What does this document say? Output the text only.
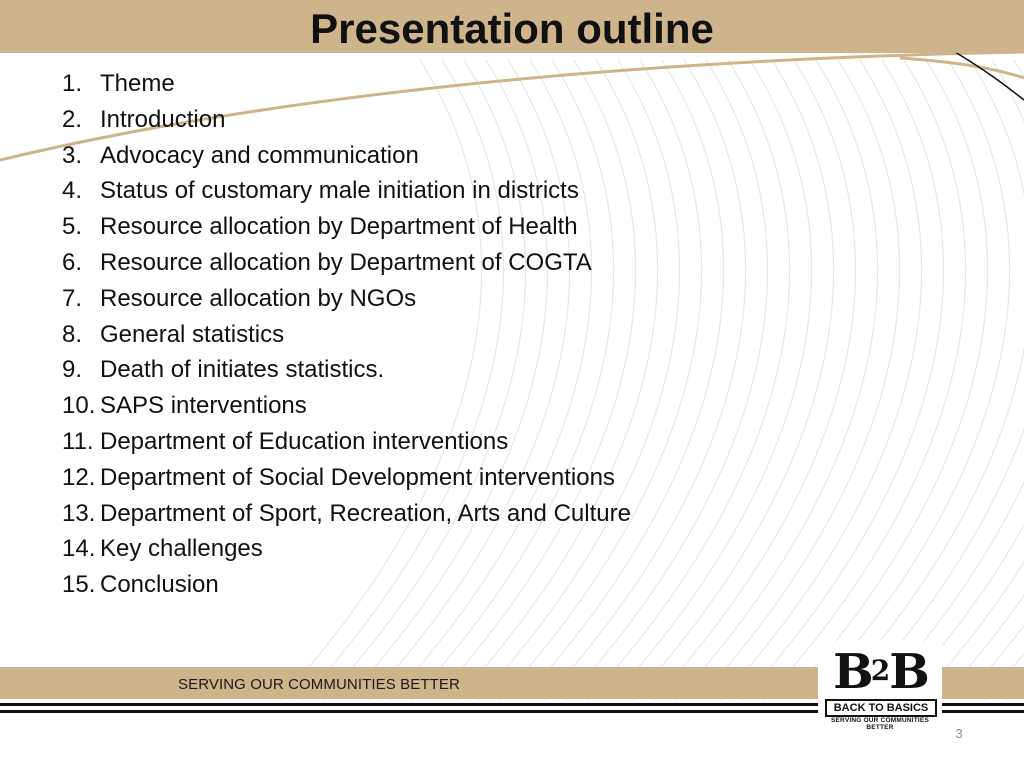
Presentation outline
1. Theme
2. Introduction
3. Advocacy and communication
4. Status of customary male initiation in districts
5. Resource allocation by Department of Health
6. Resource allocation by Department of COGTA
7. Resource allocation by NGOs
8. General statistics
9. Death of initiates statistics.
10. SAPS interventions
11. Department of Education interventions
12. Department of Social Development interventions
13. Department of Sport, Recreation, Arts and Culture
14. Key challenges
15. Conclusion
SERVING OUR COMMUNITIES BETTER	B2B
BACK TO BASICS
SERVING OUR COMMUNITIES BETTER	3
